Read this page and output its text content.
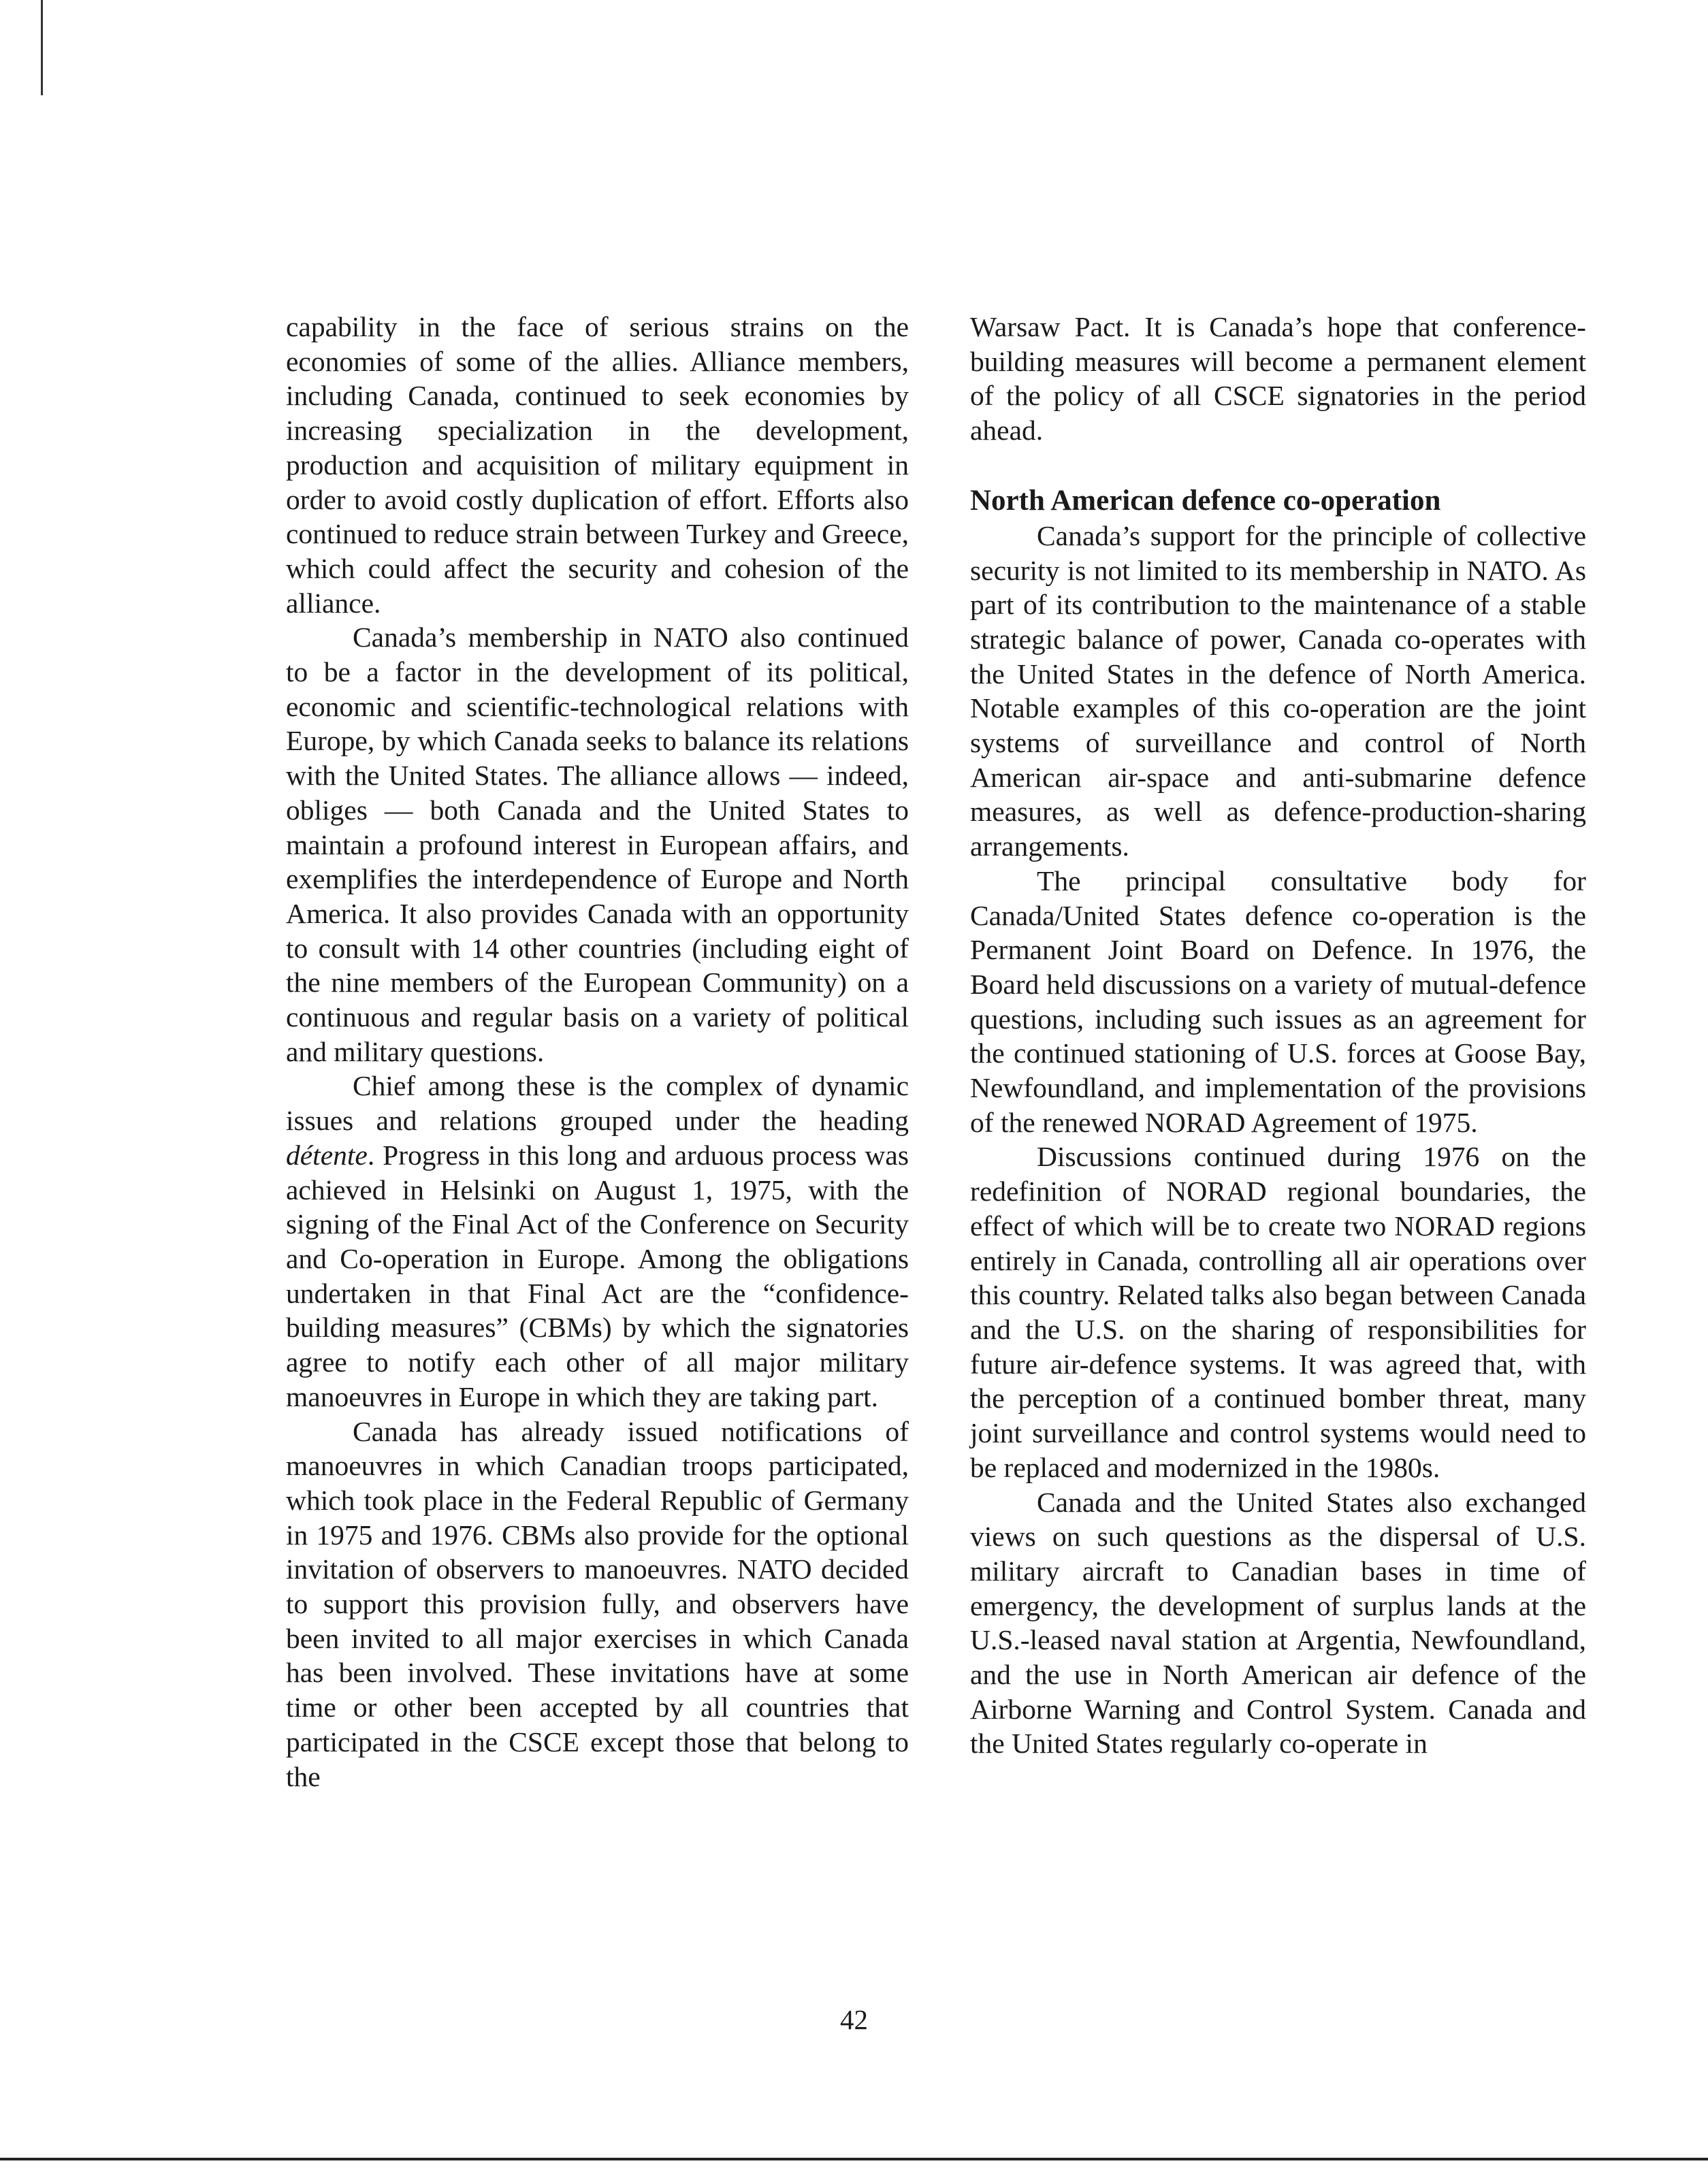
capability in the face of serious strains on the economies of some of the allies. Alliance members, including Canada, continued to seek economies by increasing specialization in the development, production and acquisition of military equipment in order to avoid costly duplication of effort. Efforts also continued to reduce strain between Turkey and Greece, which could affect the security and cohesion of the alliance.

Canada’s membership in NATO also continued to be a factor in the development of its political, economic and scientific-technological relations with Europe, by which Canada seeks to balance its relations with the United States. The alliance allows — indeed, obliges — both Canada and the United States to maintain a profound interest in European affairs, and exemplifies the interdependence of Europe and North America. It also provides Canada with an opportunity to consult with 14 other countries (including eight of the nine members of the European Community) on a continuous and regular basis on a variety of political and military questions.

Chief among these is the complex of dynamic issues and relations grouped under the heading détente. Progress in this long and arduous process was achieved in Helsinki on August 1, 1975, with the signing of the Final Act of the Conference on Security and Co-operation in Europe. Among the obligations undertaken in that Final Act are the “confidence-building measures” (CBMs) by which the signatories agree to notify each other of all major military manoeuvres in Europe in which they are taking part.

Canada has already issued notifications of manoeuvres in which Canadian troops participated, which took place in the Federal Republic of Germany in 1975 and 1976. CBMs also provide for the optional invitation of observers to manoeuvres. NATO decided to support this provision fully, and observers have been invited to all major exercises in which Canada has been involved. These invitations have at some time or other been accepted by all countries that participated in the CSCE except those that belong to the

Warsaw Pact. It is Canada’s hope that conference-building measures will become a permanent element of the policy of all CSCE signatories in the period ahead.

North American defence co-operation

Canada’s support for the principle of collective security is not limited to its membership in NATO. As part of its contribution to the maintenance of a stable strategic balance of power, Canada co-operates with the United States in the defence of North America. Notable examples of this co-operation are the joint systems of surveillance and control of North American air-space and anti-submarine defence measures, as well as defence-production-sharing arrangements.

The principal consultative body for Canada/United States defence co-operation is the Permanent Joint Board on Defence. In 1976, the Board held discussions on a variety of mutual-defence questions, including such issues as an agreement for the continued stationing of U.S. forces at Goose Bay, Newfoundland, and implementation of the provisions of the renewed NORAD Agreement of 1975.

Discussions continued during 1976 on the redefinition of NORAD regional boundaries, the effect of which will be to create two NORAD regions entirely in Canada, controlling all air operations over this country. Related talks also began between Canada and the U.S. on the sharing of responsibilities for future air-defence systems. It was agreed that, with the perception of a continued bomber threat, many joint surveillance and control systems would need to be replaced and modernized in the 1980s.

Canada and the United States also exchanged views on such questions as the dispersal of U.S. military aircraft to Canadian bases in time of emergency, the development of surplus lands at the U.S.-leased naval station at Argentia, Newfoundland, and the use in North American air defence of the Airborne Warning and Control System. Canada and the United States regularly co-operate in

42
